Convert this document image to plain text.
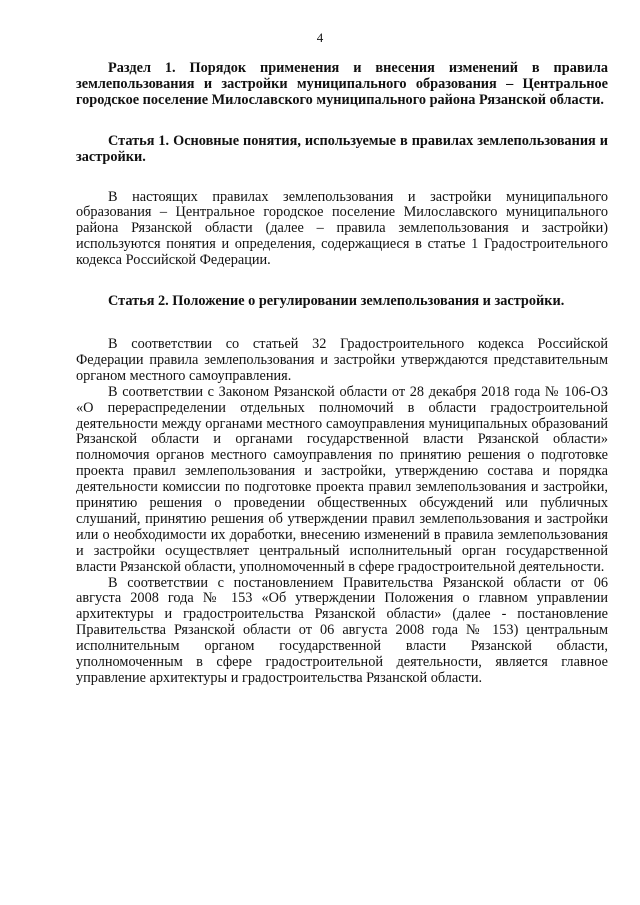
4

Раздел 1. Порядок применения и внесения изменений в правила землепользования и застройки муниципального образования – Центральное городское поселение Милославского муниципального района Рязанской области.

Статья 1. Основные понятия, используемые в правилах землепользования и застройки.

В настоящих правилах землепользования и застройки муниципального образования – Центральное городское поселение Милославского муниципального района Рязанской области (далее – правила землепользования и застройки) используются понятия и определения, содержащиеся в статье 1 Градостроительного кодекса Российской Федерации.

Статья 2. Положение о регулировании землепользования и застройки.

В соответствии со статьей 32 Градостроительного кодекса Российской Федерации правила землепользования и застройки утверждаются представительным органом местного самоуправления.

В соответствии с Законом Рязанской области от 28 декабря 2018 года № 106-ОЗ «О перераспределении отдельных полномочий в области градостроительной деятельности между органами местного самоуправления муниципальных образований Рязанской области и органами государственной власти Рязанской области» полномочия органов местного самоуправления по принятию решения о подготовке проекта правил землепользования и застройки, утверждению состава и порядка деятельности комиссии по подготовке проекта правил землепользования и застройки, принятию решения о проведении общественных обсуждений или публичных слушаний, принятию решения об утверждении правил землепользования и застройки или о необходимости их доработки, внесению изменений в правила землепользования и застройки осуществляет центральный исполнительный орган государственной власти Рязанской области, уполномоченный в сфере градостроительной деятельности.

В соответствии с постановлением Правительства Рязанской области от 06 августа 2008 года № 153 «Об утверждении Положения о главном управлении архитектуры и градостроительства Рязанской области» (далее - постановление Правительства Рязанской области от 06 августа 2008 года № 153) центральным исполнительным органом государственной власти Рязанской области, уполномоченным в сфере градостроительной деятельности, является главное управление архитектуры и градостроительства Рязанской области.
